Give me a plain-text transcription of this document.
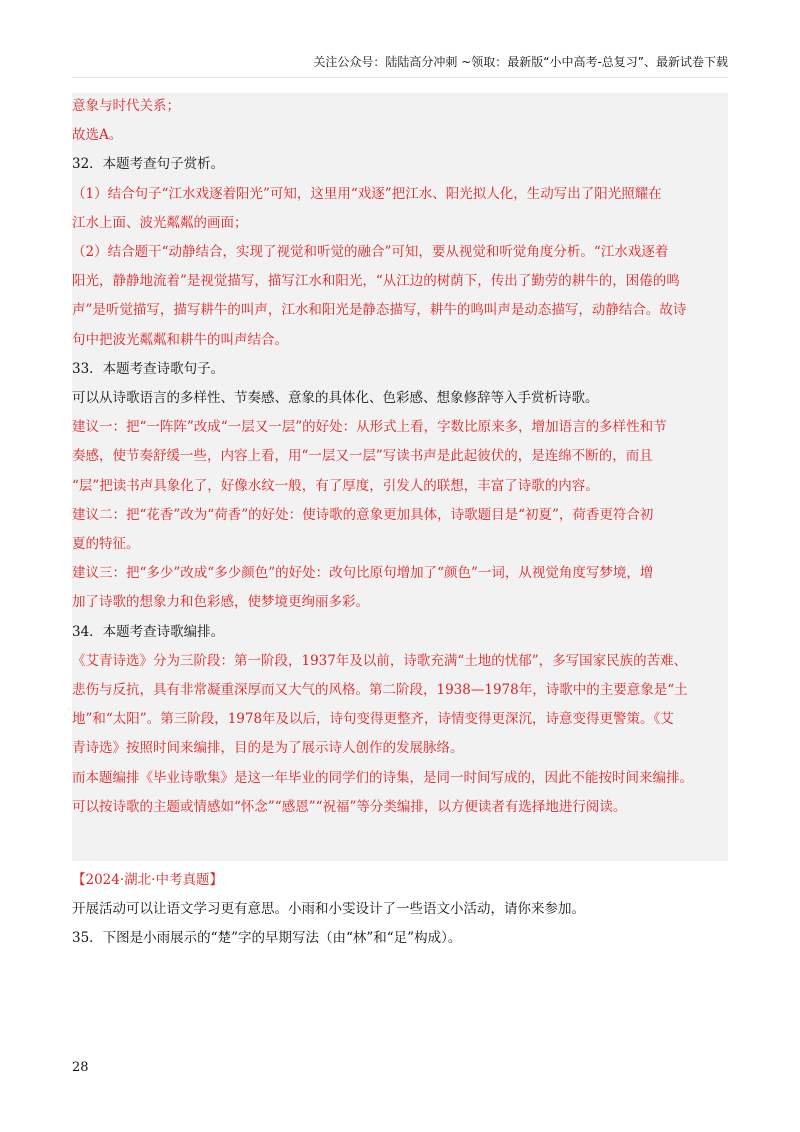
关注公众号：陆陆高分冲刺 ~领取：最新版“小中高考-总复习”、最新试卷下载
意象与时代关系；
故选A。
32．本题考查句子赏析。
（1）结合句子“江水戏逐着阳光”可知，这里用“戏逐”把江水、阳光拟人化，生动写出了阳光照耀在
江水上面、波光粼粼的画面；
（2）结合题干“动静结合，实现了视觉和听觉的融合”可知，要从视觉和听觉角度分析。“江水戏逐着
阳光，静静地流着”是视觉描写，描写江水和阳光，“从江边的树荫下，传出了勤劳的耕牛的，困倦的鸣
声”是听觉描写，描写耕牛的叫声，江水和阳光是静态描写，耕牛的鸣叫声是动态描写，动静结合。故诗
句中把波光粼粼和耕牛的叫声结合。
33．本题考查诗歌句子。
可以从诗歌语言的多样性、节奏感、意象的具体化、色彩感、想象修辞等入手赏析诗歌。
建议一：把“一阵阵”改成“一层又一层”的好处：从形式上看，字数比原来多，增加语言的多样性和节
奏感，使节奏舒缓一些，内容上看，用“一层又一层”写读书声是此起彼伏的，是连绵不断的，而且
“层”把读书声具象化了，好像水纹一般，有了厚度，引发人的联想，丰富了诗歌的内容。
建议二：把“花香”改为“荷香”的好处：使诗歌的意象更加具体，诗歌题目是“初夏”，荷香更符合初
夏的特征。
建议三：把“多少”改成“多少颜色”的好处：改句比原句增加了“颜色”一词，从视觉角度写梦境，增
加了诗歌的想象力和色彩感，使梦境更绚丽多彩。
34．本题考查诗歌编排。
《艾青诗选》分为三阶段：第一阶段，1937年及以前，诗歌充满“土地的忧郁”，多写国家民族的苦难、
悲伤与反抗，具有非常凝重深厚而又大气的风格。第二阶段，1938—1978年，诗歌中的主要意象是“土
地”和“太阳”。第三阶段，1978年及以后，诗句变得更整齐，诗情变得更深沉，诗意变得更警策。《艾
青诗选》按照时间来编排，目的是为了展示诗人创作的发展脉络。
而本题编排《毕业诗歌集》是这一年毕业的同学们的诗集，是同一时间写成的，因此不能按时间来编排。
可以按诗歌的主题或情感如“怀念”“感恩”“祝福”等分类编排，以方便读者有选择地进行阅读。
【2024·湖北·中考真题】
开展活动可以让语文学习更有意思。小雨和小雯设计了一些语文小活动，请你来参加。
35．下图是小雨展示的“楚”字的早期写法（由“林”和“足”构成）。
28
